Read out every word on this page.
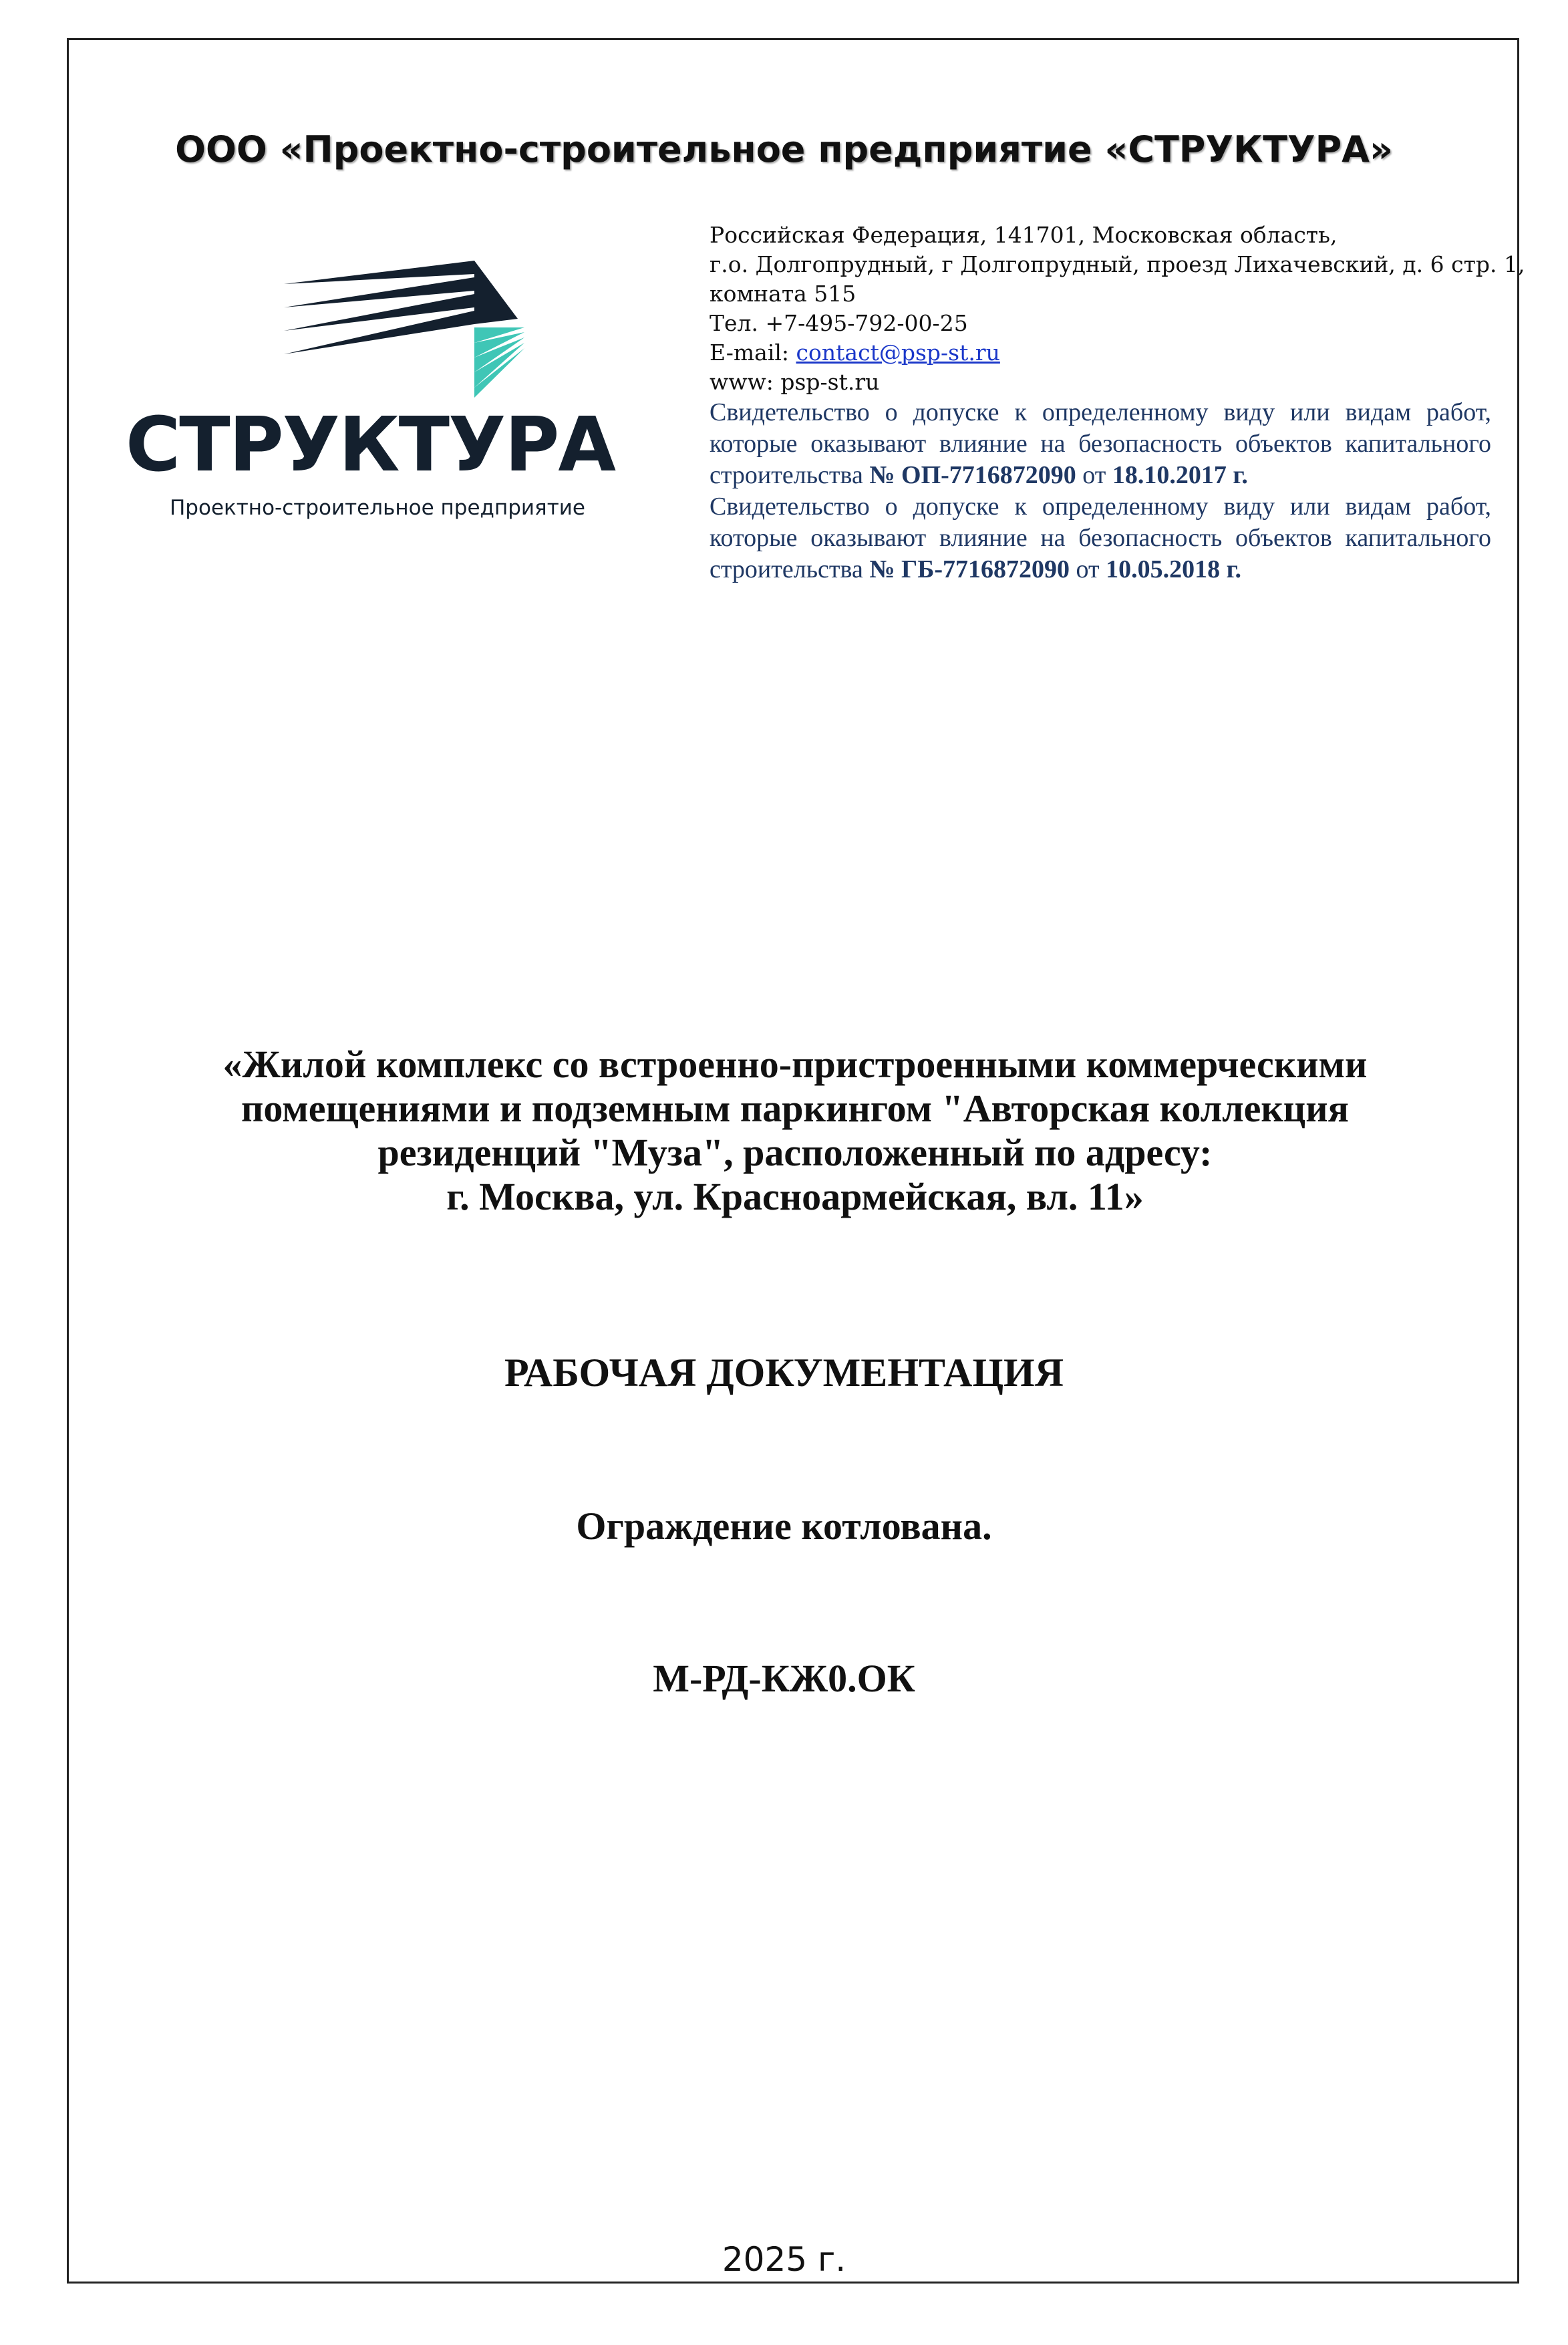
ООО «Проектно-строительное предприятие «СТРУКТУРА»
СТРУКТУРА
Проектно-строительное предприятие
Российская Федерация, 141701, Московская область,
г.о. Долгопрудный, г Долгопрудный, проезд Лихачевский, д. 6 стр. 1,
комната 515
Тел. +7-495-792-00-25
E-mail: contact@psp-st.ru
www: psp-st.ru
Свидетельство о допуске к определенному виду или видам работ, которые оказывают влияние на безопасность объектов капитального строительства № ОП-7716872090 от 18.10.2017 г.
Свидетельство о допуске к определенному виду или видам работ, которые оказывают влияние на безопасность объектов капитального строительства № ГБ-7716872090 от 10.05.2018 г.
«Жилой комплекс со встроенно-пристроенными коммерческими
помещениями и подземным паркингом "Авторская коллекция
резиденций "Муза", расположенный по адресу:
г. Москва, ул. Красноармейская, вл. 11»
РАБОЧАЯ ДОКУМЕНТАЦИЯ
Ограждение котлована.
М-РД-КЖ0.ОК
2025 г.
